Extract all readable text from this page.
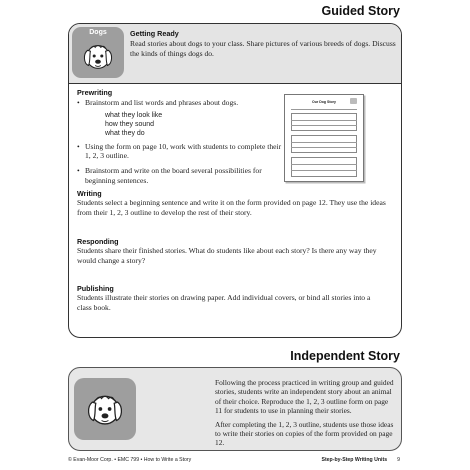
Guided Story
Dogs	Getting Ready
Read stories about dogs to your class. Share pictures of various breeds of dogs. Discuss the kinds of things dogs do.
Prewriting
• Brainstorm and list words and phrases about dogs.
what they look like
how they sound
what they do
• Using the form on page 10, work with students to complete their 1, 2, 3 outline.
• Brainstorm and write on the board several possibilities for beginning sentences.
Our Dog Story
Writing
Students select a beginning sentence and write it on the form provided on page 12. They use the ideas from their 1, 2, 3 outline to develop the rest of their story.
Responding
Students share their finished stories. What do students like about each story? Is there any way they would change a story?
Publishing
Students illustrate their stories on drawing paper. Add individual covers, or bind all stories into a class book.
Independent Story
Following the process practiced in writing group and guided stories, students write an independent story about an animal of their choice. Reproduce the 1, 2, 3 outline form on page 11 for students to use in planning their stories.
After completing the 1, 2, 3 outline, students use those ideas to write their stories on copies of the form provided on page 12.
© Evan-Moor Corp. • EMC 799 • How to Write a Story	Step-by-Step Writing Units 9
